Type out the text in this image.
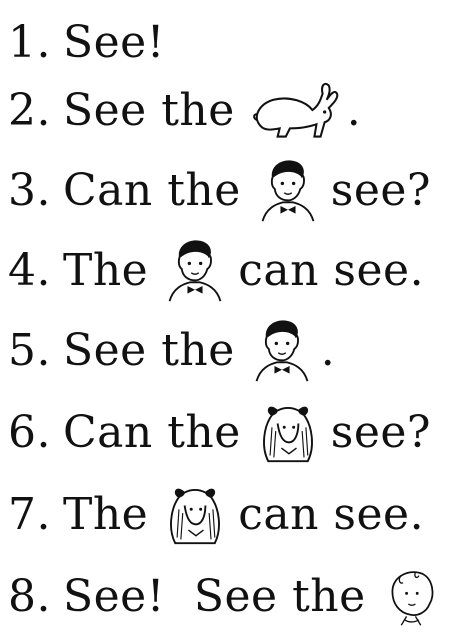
1. See!
2. See the	.
3. Can the see?
4. The can see.
5. See the .
6. Can the see?
7. The can see.
8. See!  See the
